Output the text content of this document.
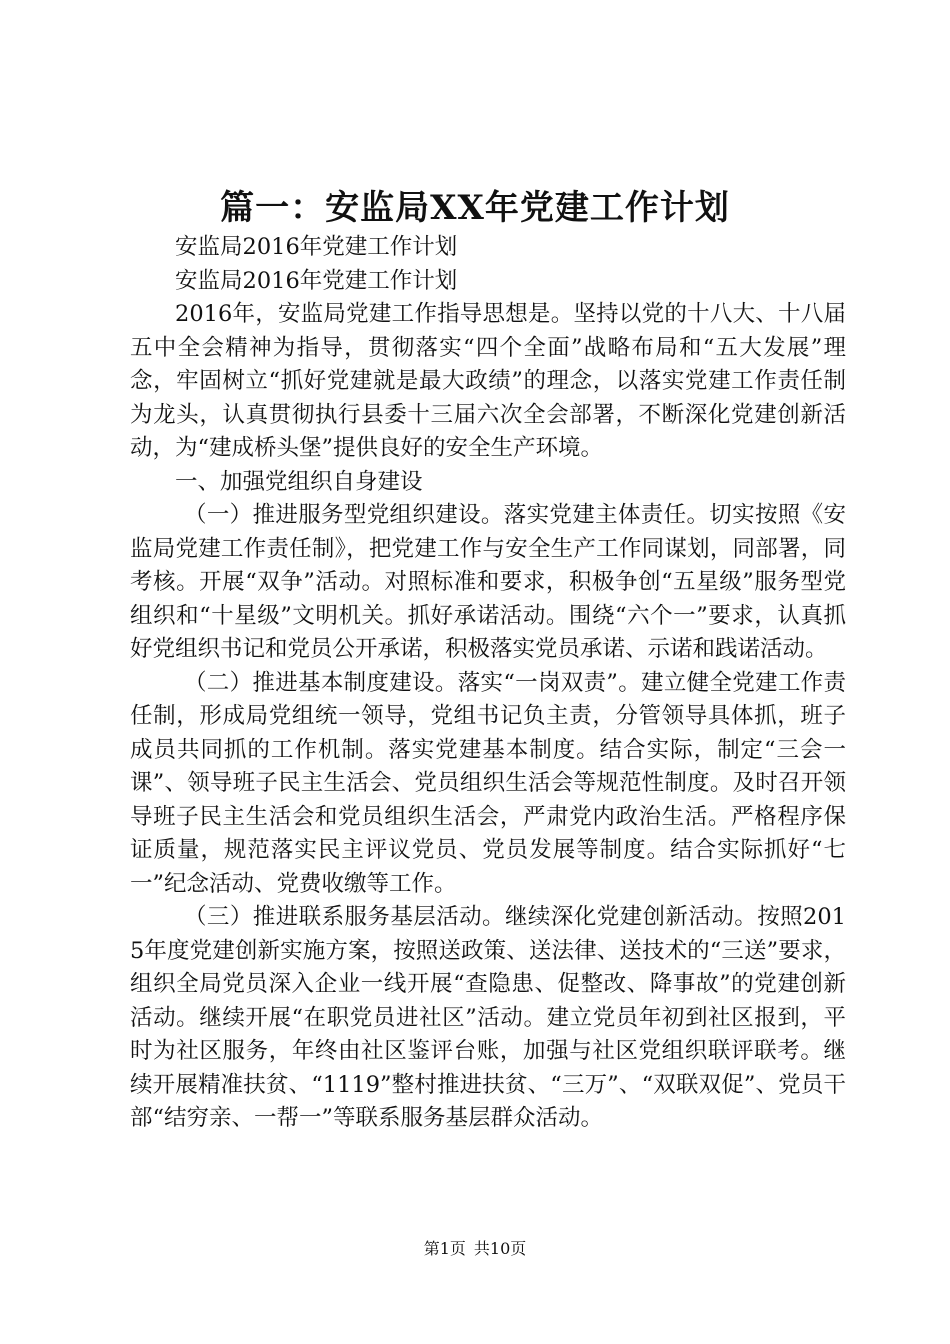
篇一：安监局XX年党建工作计划

安监局2016年党建工作计划

安监局2016年党建工作计划

2016年，安监局党建工作指导思想是。坚持以党的十八大、十八届五中全会精神为指导，贯彻落实“四个全面”战略布局和“五大发展”理念，牢固树立“抓好党建就是最大政绩”的理念，以落实党建工作责任制为龙头，认真贯彻执行县委十三届六次全会部署，不断深化党建创新活动，为“建成桥头堡”提供良好的安全生产环境。

一、加强党组织自身建设

（一）推进服务型党组织建设。落实党建主体责任。切实按照《安监局党建工作责任制》，把党建工作与安全生产工作同谋划，同部署，同考核。开展“双争”活动。对照标准和要求，积极争创“五星级”服务型党组织和“十星级”文明机关。抓好承诺活动。围绕“六个一”要求，认真抓好党组织书记和党员公开承诺，积极落实党员承诺、示诺和践诺活动。

（二）推进基本制度建设。落实“一岗双责”。建立健全党建工作责任制，形成局党组统一领导，党组书记负主责，分管领导具体抓，班子成员共同抓的工作机制。落实党建基本制度。结合实际，制定“三会一课”、领导班子民主生活会、党员组织生活会等规范性制度。及时召开领导班子民主生活会和党员组织生活会，严肃党内政治生活。严格程序保证质量，规范落实民主评议党员、党员发展等制度。结合实际抓好“七一”纪念活动、党费收缴等工作。

（三）推进联系服务基层活动。继续深化党建创新活动。按照2015年度党建创新实施方案，按照送政策、送法律、送技术的“三送”要求，组织全局党员深入企业一线开展“查隐患、促整改、降事故”的党建创新活动。继续开展“在职党员进社区”活动。建立党员年初到社区报到，平时为社区服务，年终由社区鉴评台账，加强与社区党组织联评联考。继续开展精准扶贫、“1119”整村推进扶贫、“三万”、“双联双促”、党员干部“结穷亲、一帮一”等联系服务基层群众活动。

第1页 共10页
